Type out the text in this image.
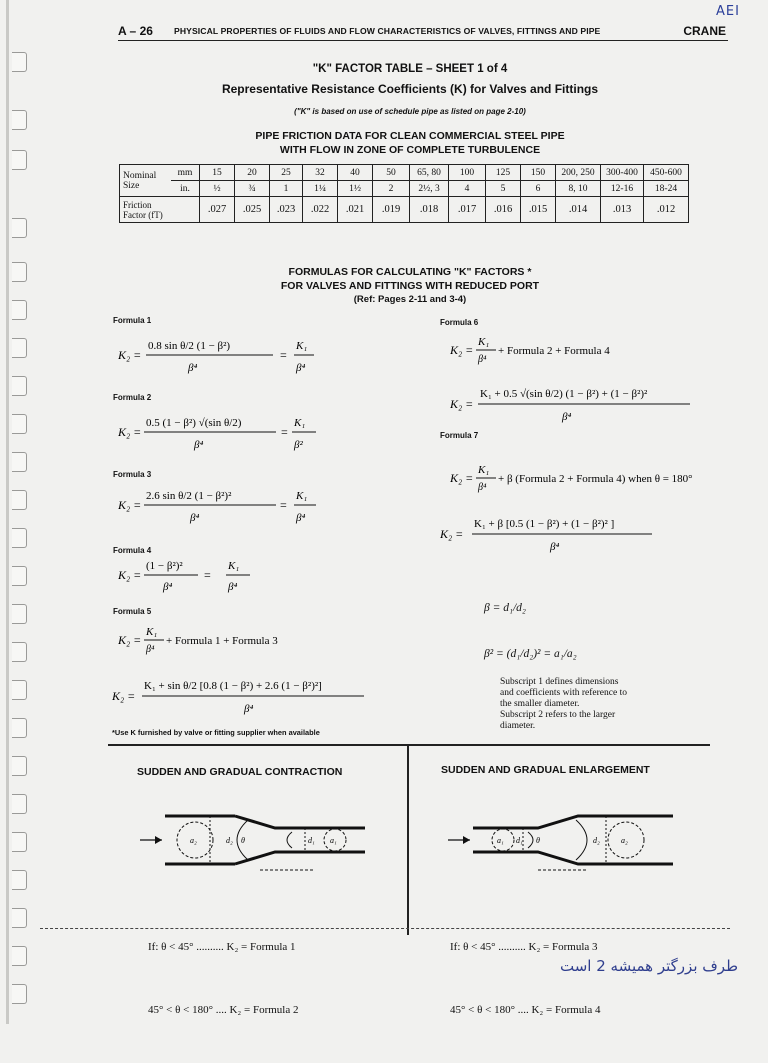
A – 26 PHYSICAL PROPERTIES OF FLUIDS AND FLOW CHARACTERISTICS OF VALVES, FITTINGS AND PIPE	CRANE
AEI
"K" FACTOR TABLE – SHEET 1 of 4
Representative Resistance Coefficients (K) for Valves and Fittings
("K" is based on use of schedule pipe as listed on page 2-10)
PIPE FRICTION DATA FOR CLEAN COMMERCIAL STEEL PIPE
WITH FLOW IN ZONE OF COMPLETE TURBULENCE
Nominal Size	mm	15	20	25	32	40	50	65, 80	100	125	150	200, 250	300-400	450-600
	in.	½	¾	1	1¼	1½	2	2½, 3	4	5	6	8, 10	12-16	18-24

Friction
Factor (fT)		.027	.025	.023	.022	.021	.019	.018	.017	.016	.015	.014	.013	.012
FORMULAS FOR CALCULATING "K" FACTORS *
FOR VALVES AND FITTINGS WITH REDUCED PORT
(Ref: Pages 2-11 and 3-4)
Formula 1
K₂ =
0.8 sin θ/2 (1 − β²)
β⁴
=
K₁
β⁴
Formula 2
K₂ =
0.5 (1 − β²) √(sin θ/2)
β⁴
=
K₁
β²
Formula 3
K₂ =
2.6 sin θ/2 (1 − β²)²
β⁴
=
K₁
β⁴
Formula 4
K₂ =
(1 − β²)²
β⁴
=
K₁
β⁴
Formula 5
K₂ =
K₁
β⁴
+ Formula 1 + Formula 3
K₂ =
K₁ + sin θ/2 [0.8 (1 − β²) + 2.6 (1 − β²)²]
β⁴
Formula 6
K₂ =
K₁
β⁴
+ Formula 2 + Formula 4
K₂ =
K₁ + 0.5 √(sin θ/2) (1 − β²) + (1 − β²)²
β⁴
Formula 7
K₂ =
K₁
β⁴
+ β (Formula 2 + Formula 4) when θ = 180°
K₂ =
K₁ + β [0.5 (1 − β²) + (1 − β²)² ]
β⁴
β = d₁/d₂
β² = (d₁/d₂)² = a₁/a₂
Subscript 1 defines dimensions
and coefficients with reference to
the smaller diameter.
Subscript 2 refers to the larger
diameter.
*Use K furnished by valve or fitting supplier when available
SUDDEN AND GRADUAL CONTRACTION
a₂	d₂ θ	d₁ a₁

If: θ < 45° .......... K₂ = Formula 1

45° < θ < 180° .... K₂ = Formula 2

SUDDEN AND GRADUAL ENLARGEMENT
a₁ d₁ θ	d₂	a₂

If: θ < 45° .......... K₂ = Formula 3

45° < θ < 180° .... K₂ = Formula 4

طرف بزرگتر همیشه 2 است
